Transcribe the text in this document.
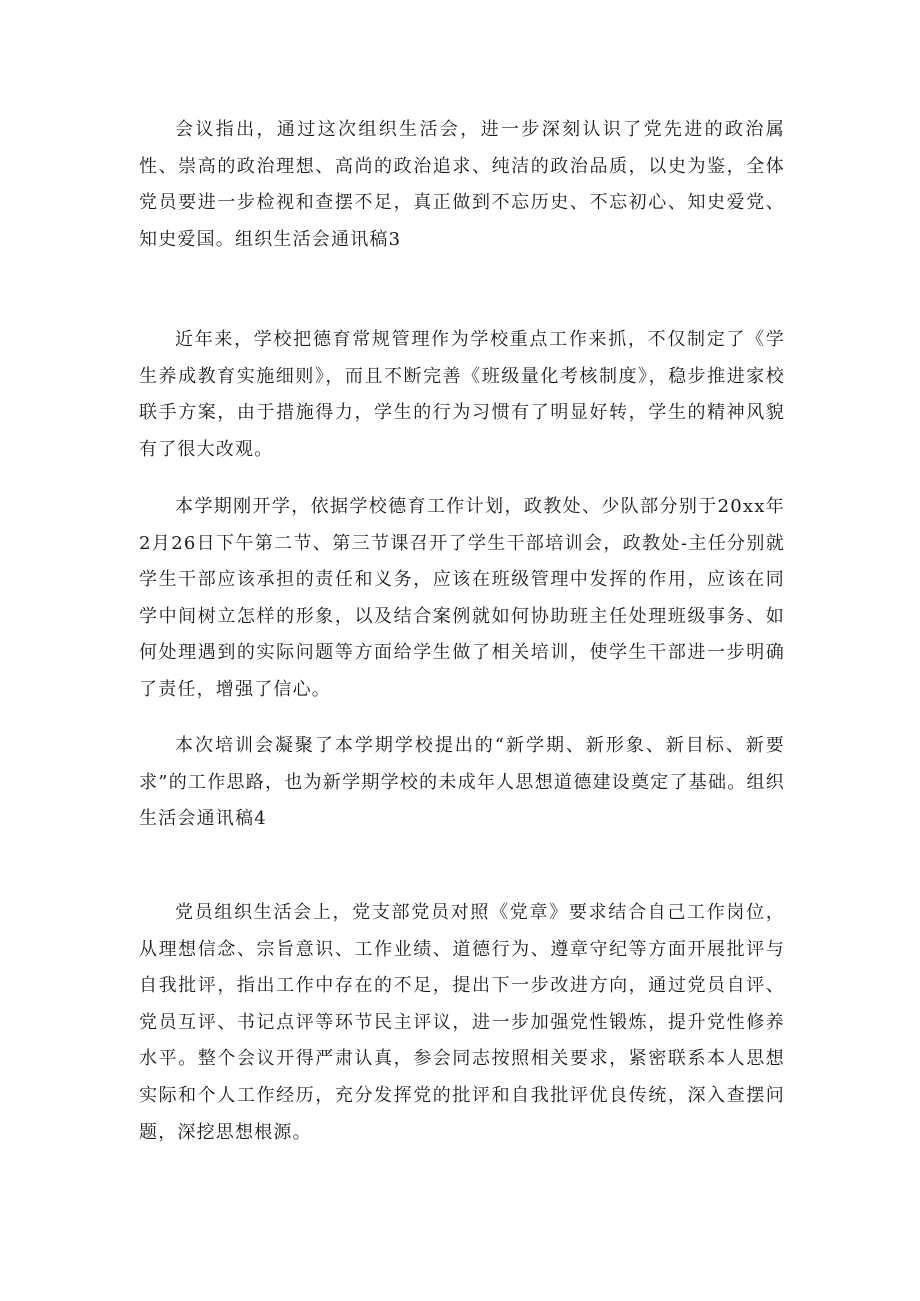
会议指出，通过这次组织生活会，进一步深刻认识了党先进的政治属性、崇高的政治理想、高尚的政治追求、纯洁的政治品质，以史为鉴，全体党员要进一步检视和查摆不足，真正做到不忘历史、不忘初心、知史爱党、知史爱国。组织生活会通讯稿3

近年来，学校把德育常规管理作为学校重点工作来抓，不仅制定了《学生养成教育实施细则》，而且不断完善《班级量化考核制度》，稳步推进家校联手方案，由于措施得力，学生的行为习惯有了明显好转，学生的精神风貌有了很大改观。

本学期刚开学，依据学校德育工作计划，政教处、少队部分别于20xx年2月26日下午第二节、第三节课召开了学生干部培训会，政教处-主任分别就学生干部应该承担的责任和义务，应该在班级管理中发挥的作用，应该在同学中间树立怎样的形象，以及结合案例就如何协助班主任处理班级事务、如何处理遇到的实际问题等方面给学生做了相关培训，使学生干部进一步明确了责任，增强了信心。

本次培训会凝聚了本学期学校提出的“新学期、新形象、新目标、新要求”的工作思路，也为新学期学校的未成年人思想道德建设奠定了基础。组织生活会通讯稿4

党员组织生活会上，党支部党员对照《党章》要求结合自己工作岗位，从理想信念、宗旨意识、工作业绩、道德行为、遵章守纪等方面开展批评与自我批评，指出工作中存在的不足，提出下一步改进方向，通过党员自评、党员互评、书记点评等环节民主评议，进一步加强党性锻炼，提升党性修养水平。整个会议开得严肃认真，参会同志按照相关要求，紧密联系本人思想实际和个人工作经历，充分发挥党的批评和自我批评优良传统，深入查摆问题，深挖思想根源。
